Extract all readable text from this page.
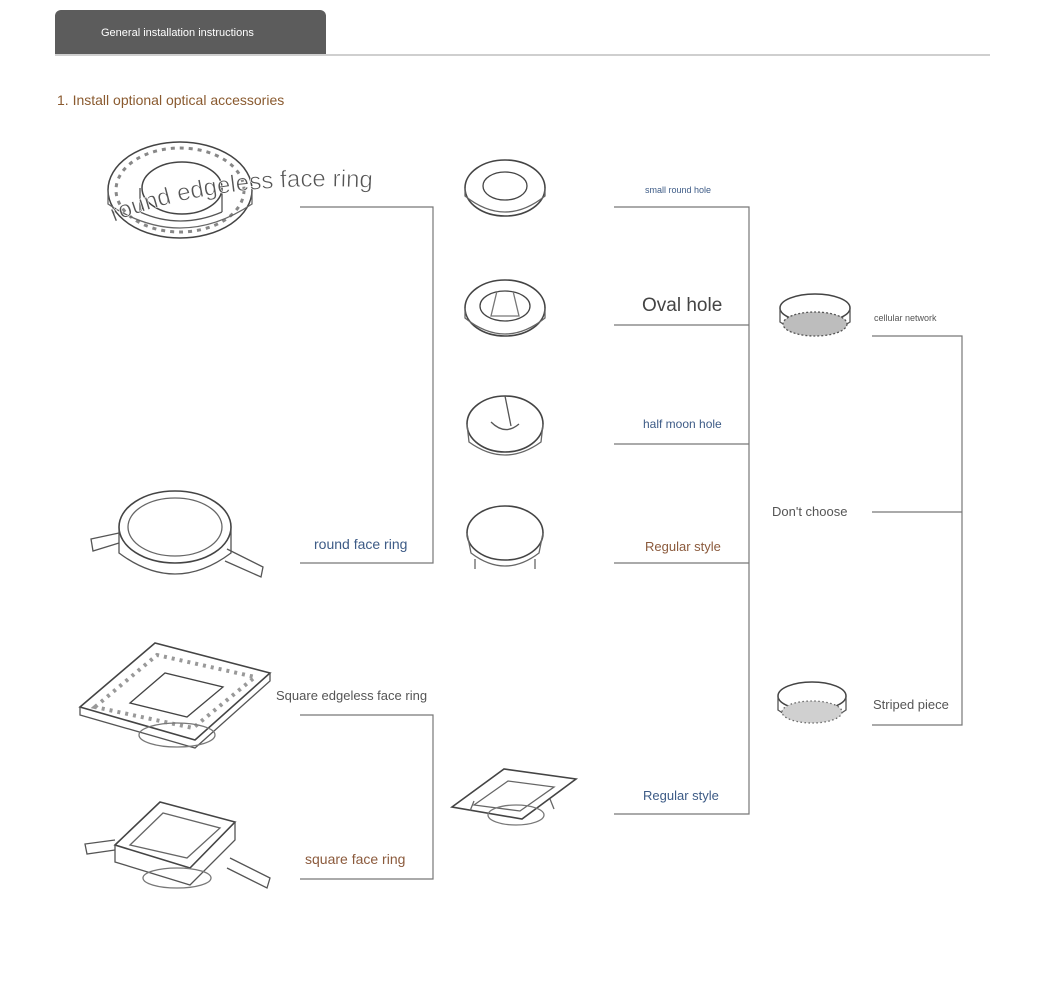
General installation instructions
1. Install optional optical accessories
round edgeless face ring
round face ring
Square edgeless face ring
square face ring
small round hole
Oval hole
half moon hole
Regular style
Regular style
cellular network
Don't choose
Striped piece
